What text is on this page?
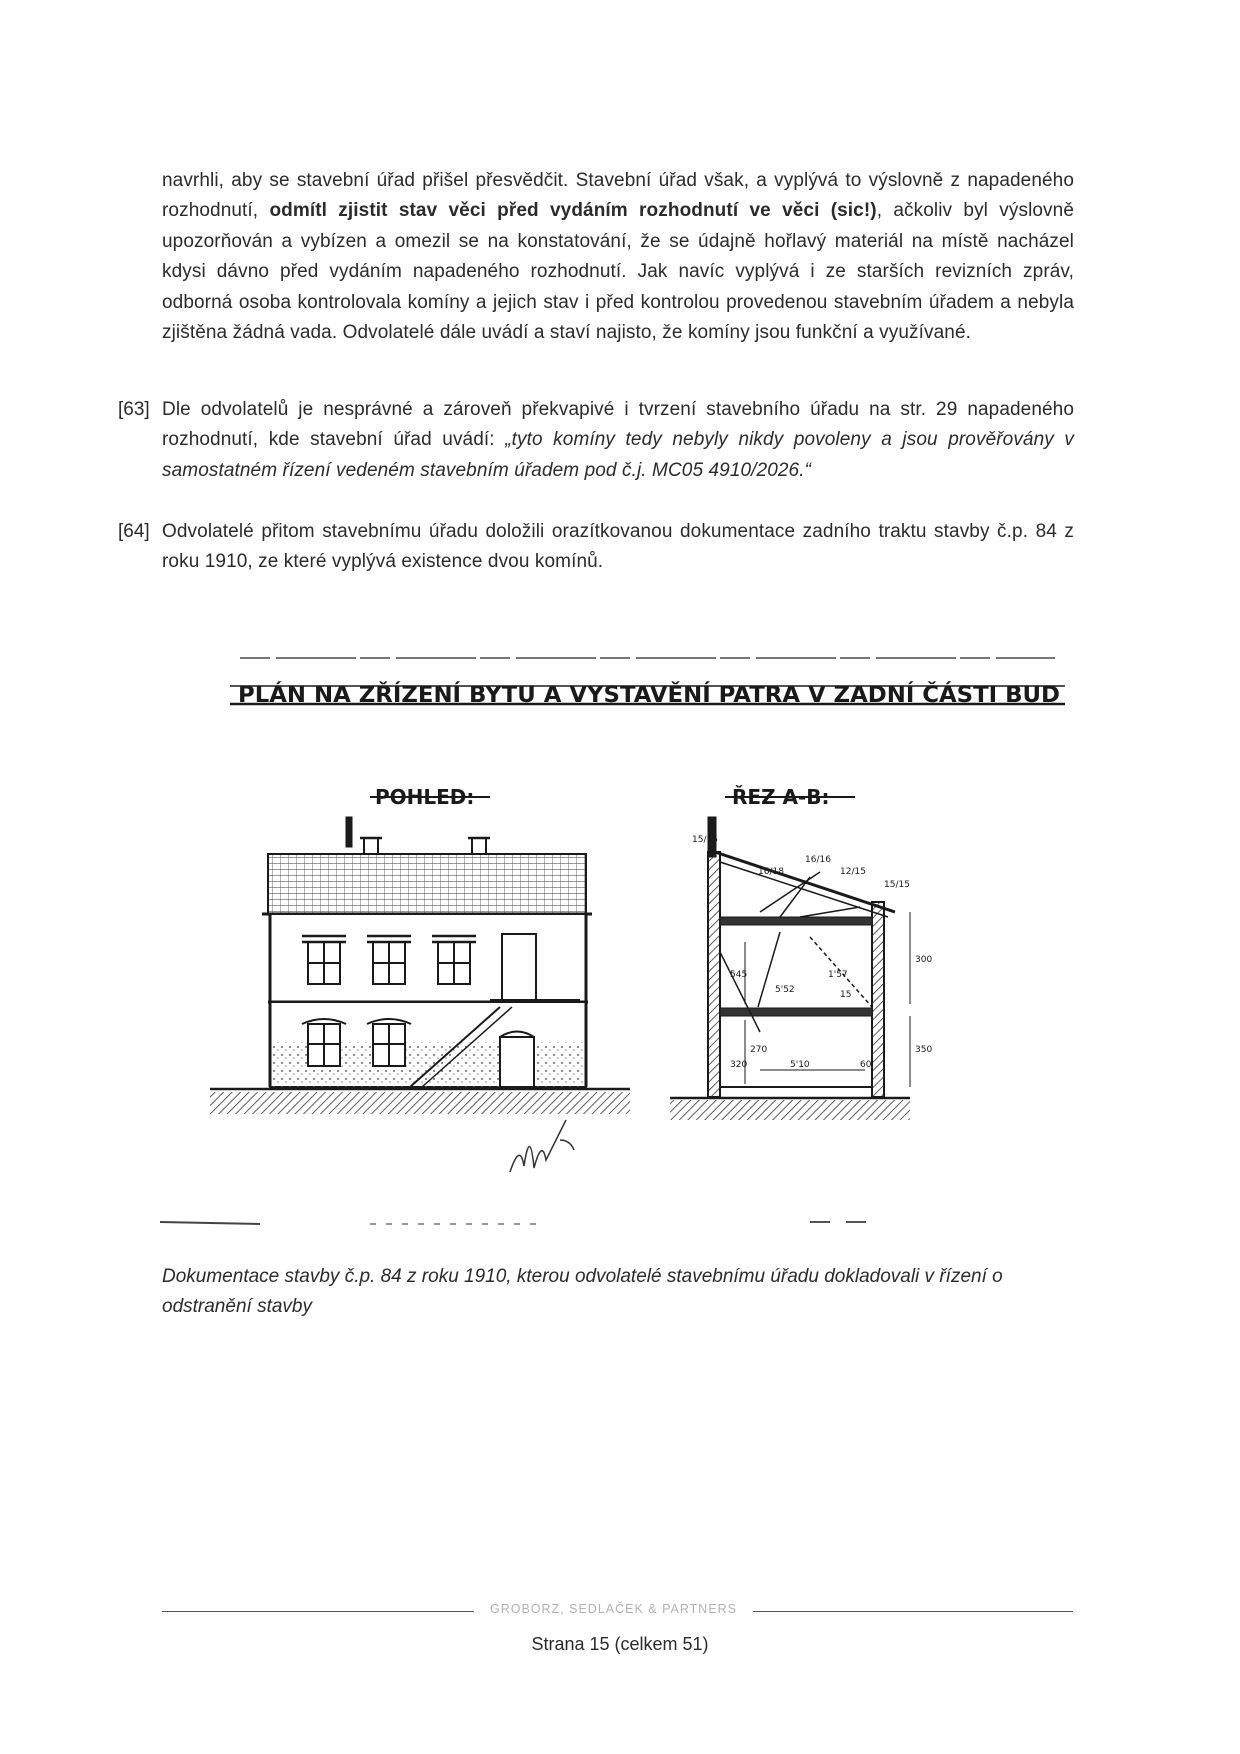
navrhli, aby se stavební úřad přišel přesvědčit. Stavební úřad však, a vyplývá to výslovně z napadeného rozhodnutí, odmítl zjistit stav věci před vydáním rozhodnutí ve věci (sic!), ačkoliv byl výslovně upozorňován a vybízen a omezil se na konstatování, že se údajně hořlavý materiál na místě nacházel kdysi dávno před vydáním napadeného rozhodnutí. Jak navíc vyplývá i ze starších revizních zpráv, odborná osoba kontrolovala komíny a jejich stav i před kontrolou provedenou stavebním úřadem a nebyla zjištěna žádná vada. Odvolatelé dále uvádí a staví najisto, že komíny jsou funkční a využívané.
[63] Dle odvolatelů je nesprávné a zároveň překvapivé i tvrzení stavebního úřadu na str. 29 napadeného rozhodnutí, kde stavební úřad uvádí: „tyto komíny tedy nebyly nikdy povoleny a jsou prověřovány v samostatném řízení vedeném stavebním úřadem pod č.j. MC05 4910/2026.“
[64] Odvolatelé přitom stavebnímu úřadu doložili orazítkovanou dokumentace zadního traktu stavby č.p. 84 z roku 1910, ze které vyplývá existence dvou komínů.
PLÁN NA ZŘÍZENÍ BYTU A VYSTAVĚNÍ PATRA V ZADNÍ ČÁSTI BUD
POHLED:	ŘEZ A-B:
15/15
16/18	12/15
15/15
16/16
545
5'52
1'57
15
300
350
270
5'10	60
320
Dokumentace stavby č.p. 84 z roku 1910, kterou odvolatelé stavebnímu úřadu dokladovali v řízení o odstranění stavby
GROBORZ, SEDLAČEK & PARTNERS
Strana 15 (celkem 51)
